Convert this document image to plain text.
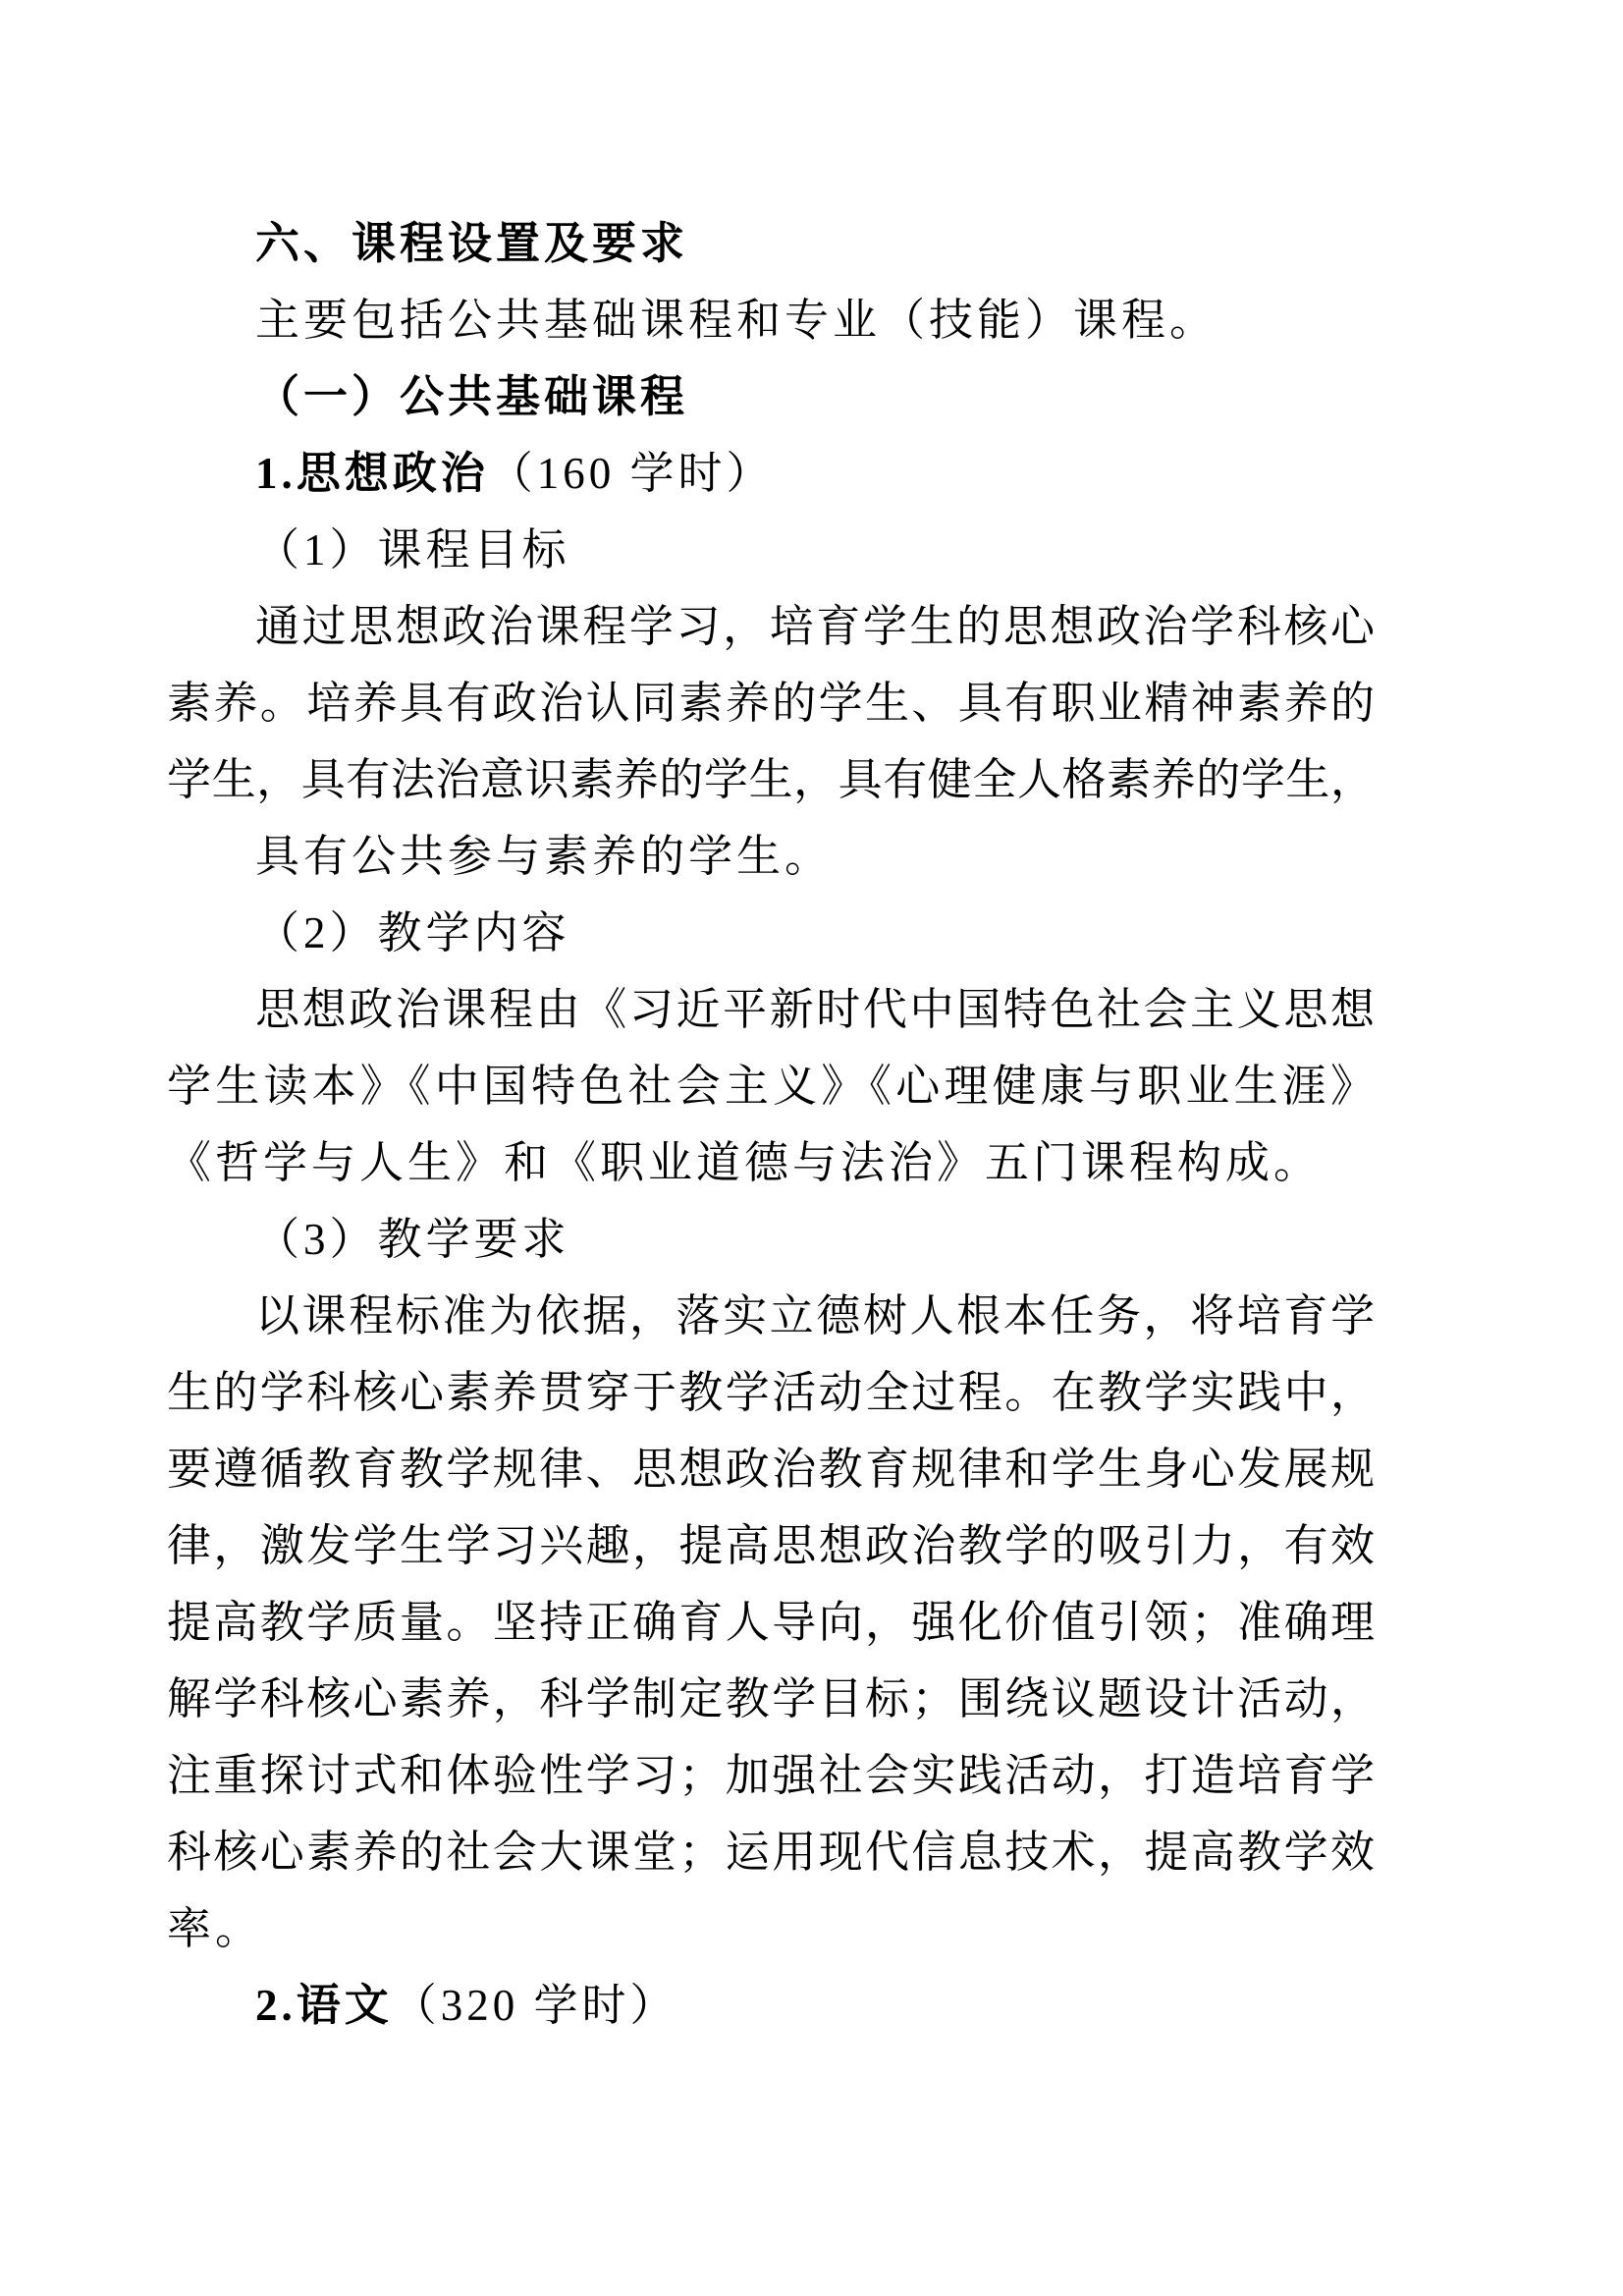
六、课程设置及要求
主要包括公共基础课程和专业（技能）课程。
（一）公共基础课程
1.思想政治（160 学时）
（1）课程目标
通过思想政治课程学习，培育学生的思想政治学科核心
素养。培养具有政治认同素养的学生、具有职业精神素养的
学生，具有法治意识素养的学生，具有健全人格素养的学生，
具有公共参与素养的学生。
（2）教学内容
思想政治课程由《习近平新时代中国特色社会主义思想
学生读本》《中国特色社会主义》《心理健康与职业生涯》
《哲学与人生》和《职业道德与法治》五门课程构成。
（3）教学要求
以课程标准为依据，落实立德树人根本任务，将培育学
生的学科核心素养贯穿于教学活动全过程。在教学实践中，
要遵循教育教学规律、思想政治教育规律和学生身心发展规
律，激发学生学习兴趣，提高思想政治教学的吸引力，有效
提高教学质量。坚持正确育人导向，强化价值引领；准确理
解学科核心素养，科学制定教学目标；围绕议题设计活动，
注重探讨式和体验性学习；加强社会实践活动，打造培育学
科核心素养的社会大课堂；运用现代信息技术，提高教学效
率。
2.语文（320 学时）
